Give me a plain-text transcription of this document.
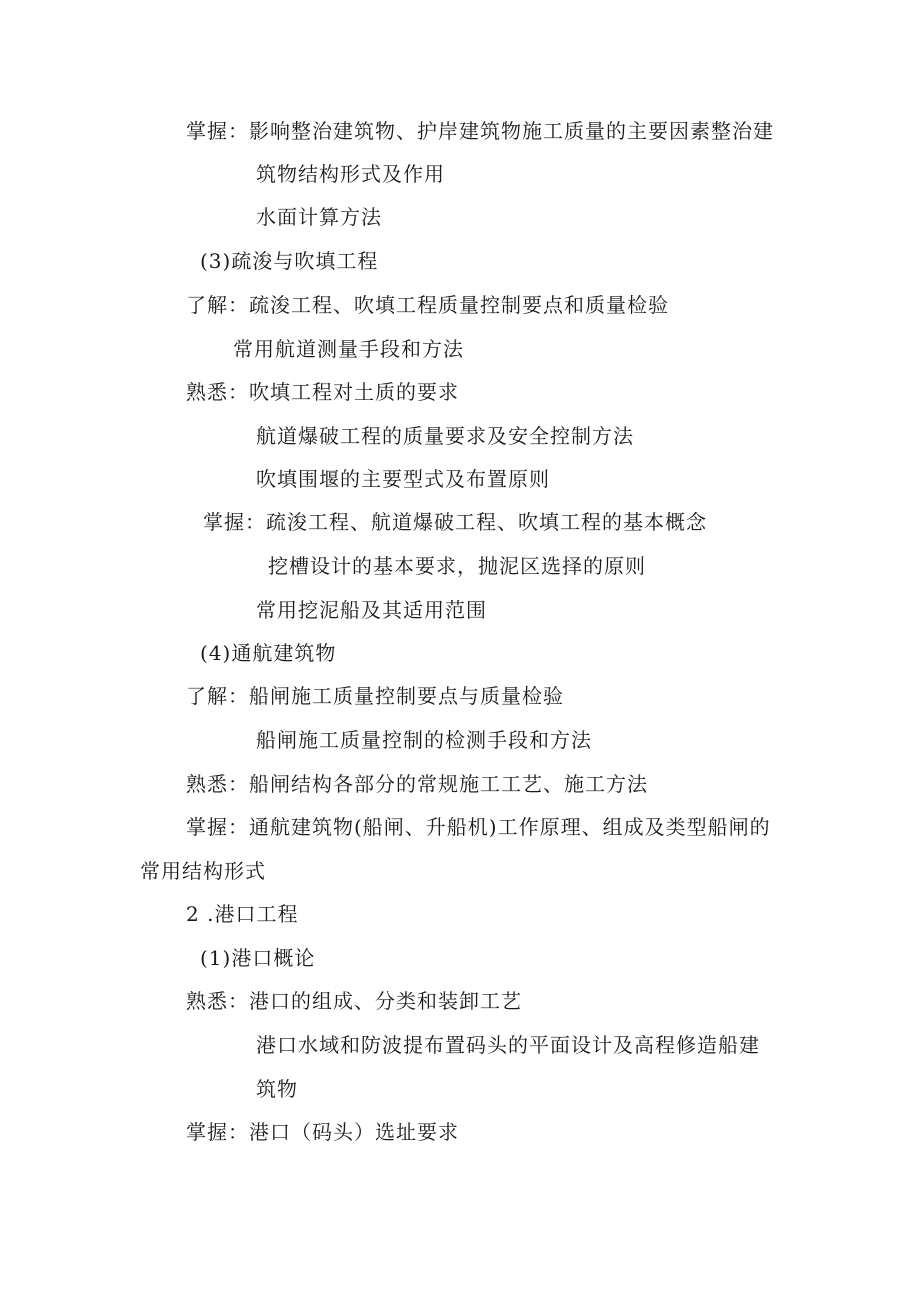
掌握：影响整治建筑物、护岸建筑物施工质量的主要因素整治建
筑物结构形式及作用
水面计算方法
(3)疏浚与吹填工程
了解：疏浚工程、吹填工程质量控制要点和质量检验
常用航道测量手段和方法
熟悉：吹填工程对土质的要求
航道爆破工程的质量要求及安全控制方法
吹填围堰的主要型式及布置原则
掌握：疏浚工程、航道爆破工程、吹填工程的基本概念
挖槽设计的基本要求，抛泥区选择的原则
常用挖泥船及其适用范围
(4)通航建筑物
了解：船闸施工质量控制要点与质量检验
船闸施工质量控制的检测手段和方法
熟悉：船闸结构各部分的常规施工工艺、施工方法
掌握：通航建筑物(船闸、升船机)工作原理、组成及类型船闸的
常用结构形式
2 .港口工程
(1)港口概论
熟悉：港口的组成、分类和装卸工艺
港口水域和防波提布置码头的平面设计及高程修造船建
筑物
掌握：港口（码头）选址要求
